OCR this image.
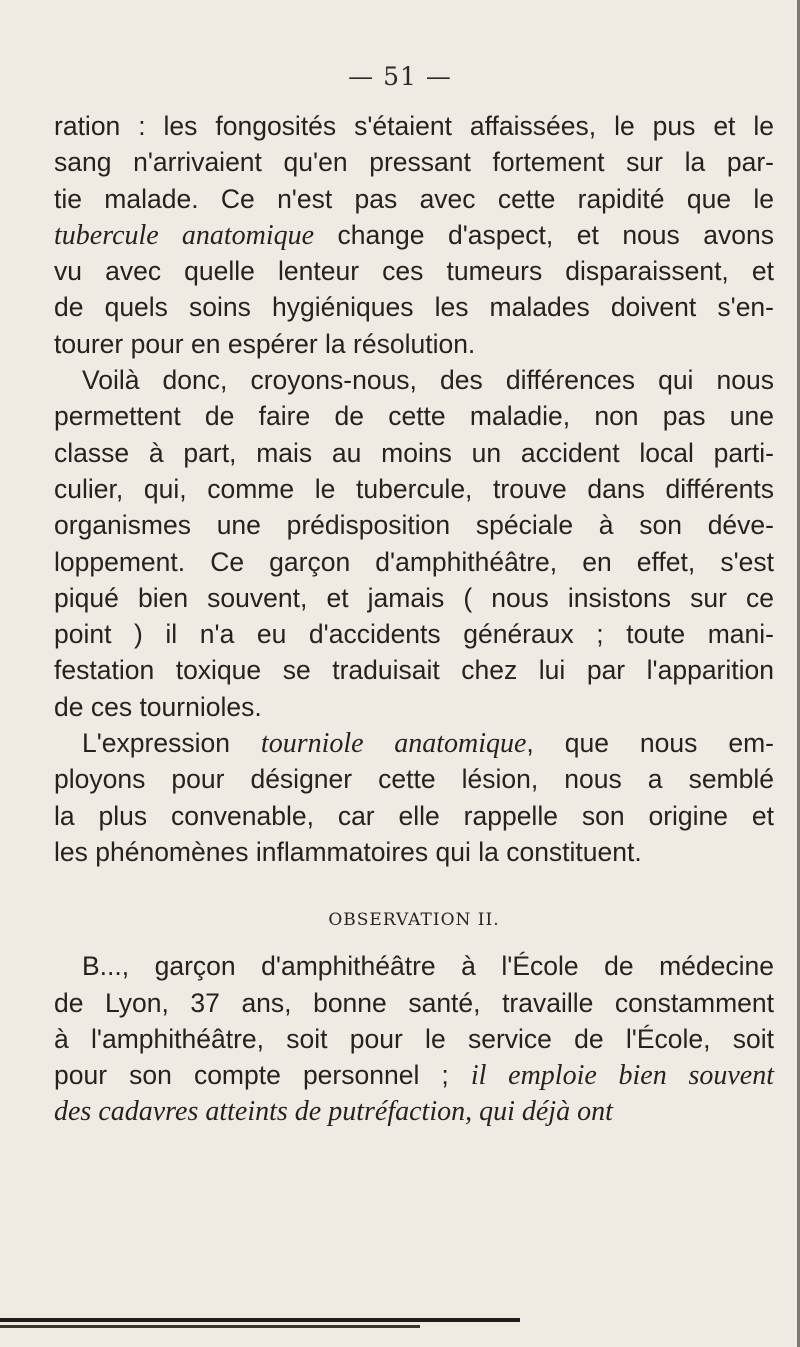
— 51 —
ration : les fongosités s'étaient affaissées, le pus et le
sang n'arrivaient qu'en pressant fortement sur la par-
tie malade. Ce n'est pas avec cette rapidité que le
tubercule anatomique change d'aspect, et nous avons
vu avec quelle lenteur ces tumeurs disparaissent, et
de quels soins hygiéniques les malades doivent s'en-
tourer pour en espérer la résolution.
Voilà donc, croyons-nous, des différences qui nous
permettent de faire de cette maladie, non pas une
classe à part, mais au moins un accident local parti-
culier, qui, comme le tubercule, trouve dans différents
organismes une prédisposition spéciale à son déve-
loppement. Ce garçon d'amphithéâtre, en effet, s'est
piqué bien souvent, et jamais ( nous insistons sur ce
point ) il n'a eu d'accidents généraux ; toute mani-
festation toxique se traduisait chez lui par l'apparition
de ces tournioles.
L'expression tourniole anatomique, que nous em-
ployons pour désigner cette lésion, nous a semblé
la plus convenable, car elle rappelle son origine et
les phénomènes inflammatoires qui la constituent.
OBSERVATION II.
B..., garçon d'amphithéâtre à l'École de médecine
de Lyon, 37 ans, bonne santé, travaille constamment
à l'amphithéâtre, soit pour le service de l'École, soit
pour son compte personnel ; il emploie bien souvent
des cadavres atteints de putréfaction, qui déjà ont
